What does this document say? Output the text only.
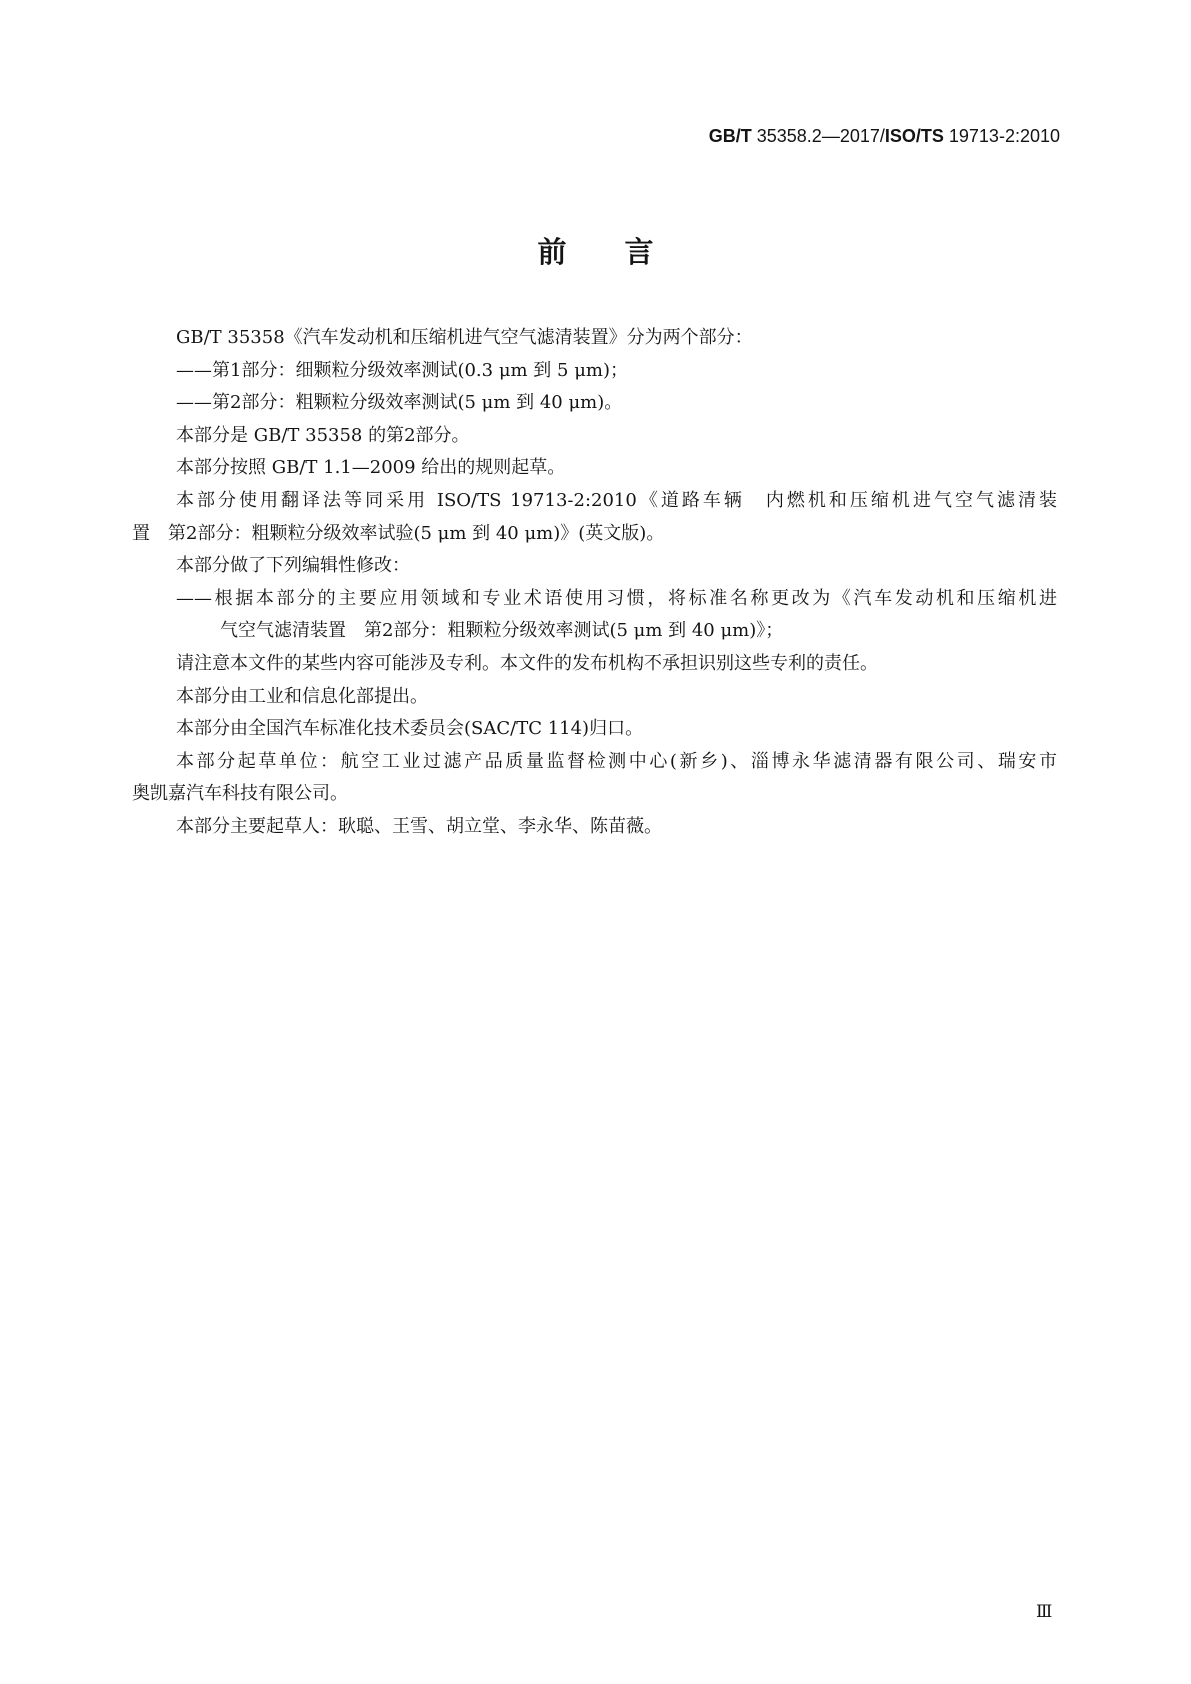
GB/T 35358.2—2017/ISO/TS 19713-2:2010
前言
GB/T 35358《汽车发动机和压缩机进气空气滤清装置》分为两个部分：
——第1部分：细颗粒分级效率测试(0.3 μm 到 5 μm)；
——第2部分：粗颗粒分级效率测试(5 μm 到 40 μm)。
本部分是 GB/T 35358 的第2部分。
本部分按照 GB/T 1.1—2009 给出的规则起草。
本部分使用翻译法等同采用 ISO/TS 19713-2:2010《道路车辆　内燃机和压缩机进气空气滤清装
置　第2部分：粗颗粒分级效率试验(5 μm 到 40 μm)》(英文版)。
本部分做了下列编辑性修改：
——根据本部分的主要应用领域和专业术语使用习惯，将标准名称更改为《汽车发动机和压缩机进
气空气滤清装置　第2部分：粗颗粒分级效率测试(5 μm 到 40 μm)》；
请注意本文件的某些内容可能涉及专利。本文件的发布机构不承担识别这些专利的责任。
本部分由工业和信息化部提出。
本部分由全国汽车标准化技术委员会(SAC/TC 114)归口。
本部分起草单位：航空工业过滤产品质量监督检测中心(新乡)、淄博永华滤清器有限公司、瑞安市
奥凯嘉汽车科技有限公司。
本部分主要起草人：耿聪、王雪、胡立堂、李永华、陈苗薇。
Ⅲ
